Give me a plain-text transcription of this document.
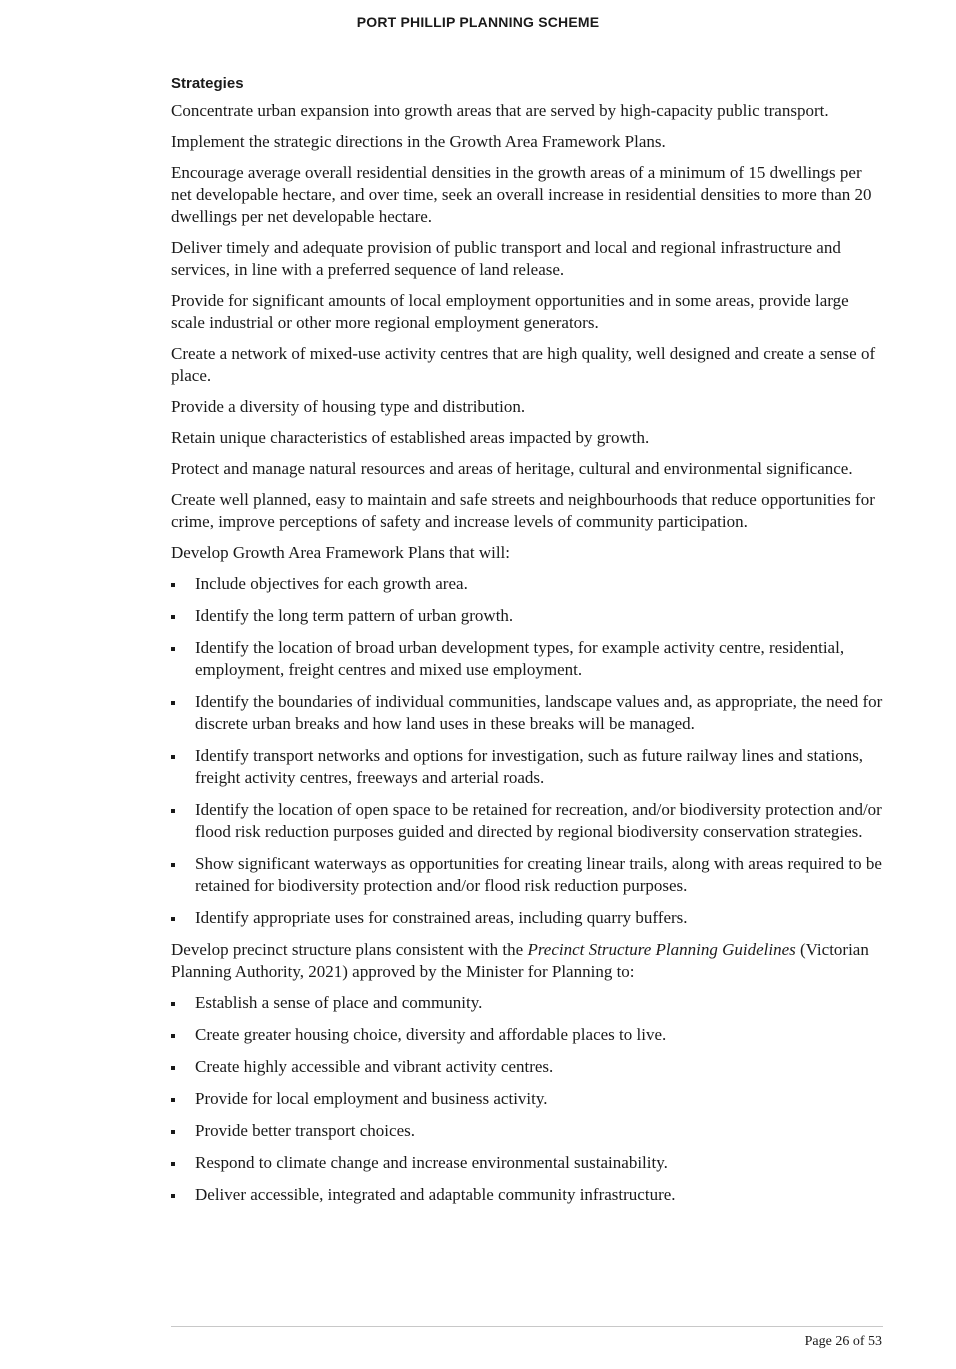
PORT PHILLIP PLANNING SCHEME
Strategies

Concentrate urban expansion into growth areas that are served by high-capacity public transport.

Implement the strategic directions in the Growth Area Framework Plans.

Encourage average overall residential densities in the growth areas of a minimum of 15 dwellings per net developable hectare, and over time, seek an overall increase in residential densities to more than 20 dwellings per net developable hectare.

Deliver timely and adequate provision of public transport and local and regional infrastructure and services, in line with a preferred sequence of land release.

Provide for significant amounts of local employment opportunities and in some areas, provide large scale industrial or other more regional employment generators.

Create a network of mixed-use activity centres that are high quality, well designed and create a sense of place.

Provide a diversity of housing type and distribution.

Retain unique characteristics of established areas impacted by growth.

Protect and manage natural resources and areas of heritage, cultural and environmental significance.

Create well planned, easy to maintain and safe streets and neighbourhoods that reduce opportunities for crime, improve perceptions of safety and increase levels of community participation.

Develop Growth Area Framework Plans that will:

Include objectives for each growth area.
Identify the long term pattern of urban growth.
Identify the location of broad urban development types, for example activity centre, residential, employment, freight centres and mixed use employment.
Identify the boundaries of individual communities, landscape values and, as appropriate, the need for discrete urban breaks and how land uses in these breaks will be managed.
Identify transport networks and options for investigation, such as future railway lines and stations, freight activity centres, freeways and arterial roads.
Identify the location of open space to be retained for recreation, and/or biodiversity protection and/or flood risk reduction purposes guided and directed by regional biodiversity conservation strategies.
Show significant waterways as opportunities for creating linear trails, along with areas required to be retained for biodiversity protection and/or flood risk reduction purposes.
Identify appropriate uses for constrained areas, including quarry buffers.

Develop precinct structure plans consistent with the Precinct Structure Planning Guidelines (Victorian Planning Authority, 2021) approved by the Minister for Planning to:

Establish a sense of place and community.
Create greater housing choice, diversity and affordable places to live.
Create highly accessible and vibrant activity centres.
Provide for local employment and business activity.
Provide better transport choices.
Respond to climate change and increase environmental sustainability.
Deliver accessible, integrated and adaptable community infrastructure.
Page 26 of 53
